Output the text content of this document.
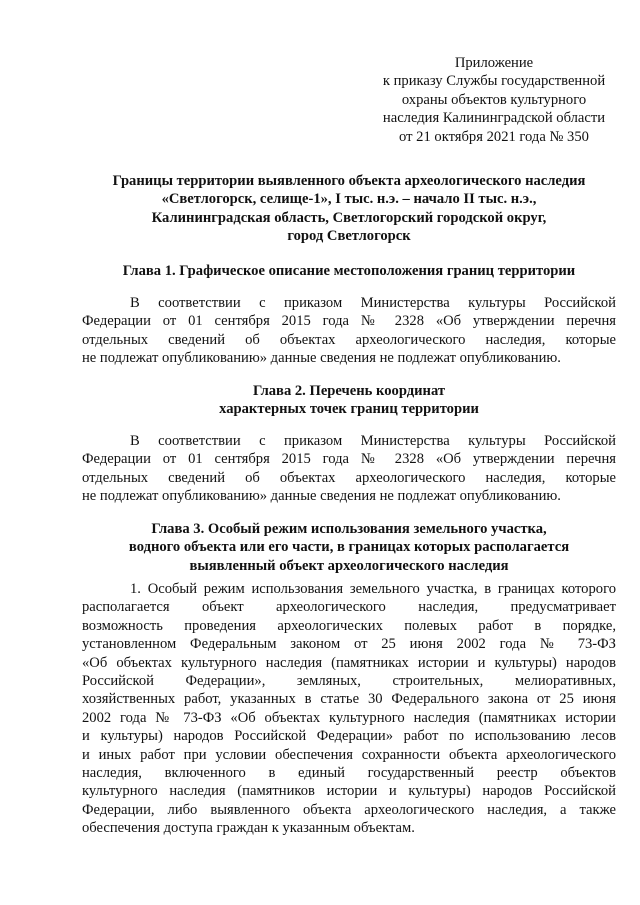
Приложение
к приказу Службы государственной
охраны объектов культурного
наследия Калининградской области
от 21 октября 2021 года № 350
Границы территории выявленного объекта археологического наследия
«Светлогорск, селище-1», I тыс. н.э. – начало II тыс. н.э.,
Калининградская область, Светлогорский городской округ,
город Светлогорск
Глава 1. Графическое описание местоположения границ территории
В соответствии с приказом Министерства культуры Российской
Федерации от 01 сентября 2015 года № 2328 «Об утверждении перечня
отдельных сведений об объектах археологического наследия, которые
не подлежат опубликованию» данные сведения не подлежат опубликованию.
Глава 2. Перечень координат
характерных точек границ территории
В соответствии с приказом Министерства культуры Российской
Федерации от 01 сентября 2015 года № 2328 «Об утверждении перечня
отдельных сведений об объектах археологического наследия, которые
не подлежат опубликованию» данные сведения не подлежат опубликованию.
Глава 3. Особый режим использования земельного участка,
водного объекта или его части, в границах которых располагается
выявленный объект археологического наследия
1. Особый режим использования земельного участка, в границах которого
располагается объект археологического наследия, предусматривает
возможность проведения археологических полевых работ в порядке,
установленном Федеральным законом от 25 июня 2002 года № 73-ФЗ
«Об объектах культурного наследия (памятниках истории и культуры) народов
Российской Федерации», земляных, строительных, мелиоративных,
хозяйственных работ, указанных в статье 30 Федерального закона от 25 июня
2002 года № 73-ФЗ «Об объектах культурного наследия (памятниках истории
и культуры) народов Российской Федерации» работ по использованию лесов
и иных работ при условии обеспечения сохранности объекта археологического
наследия, включенного в единый государственный реестр объектов
культурного наследия (памятников истории и культуры) народов Российской
Федерации, либо выявленного объекта археологического наследия, а также
обеспечения доступа граждан к указанным объектам.
